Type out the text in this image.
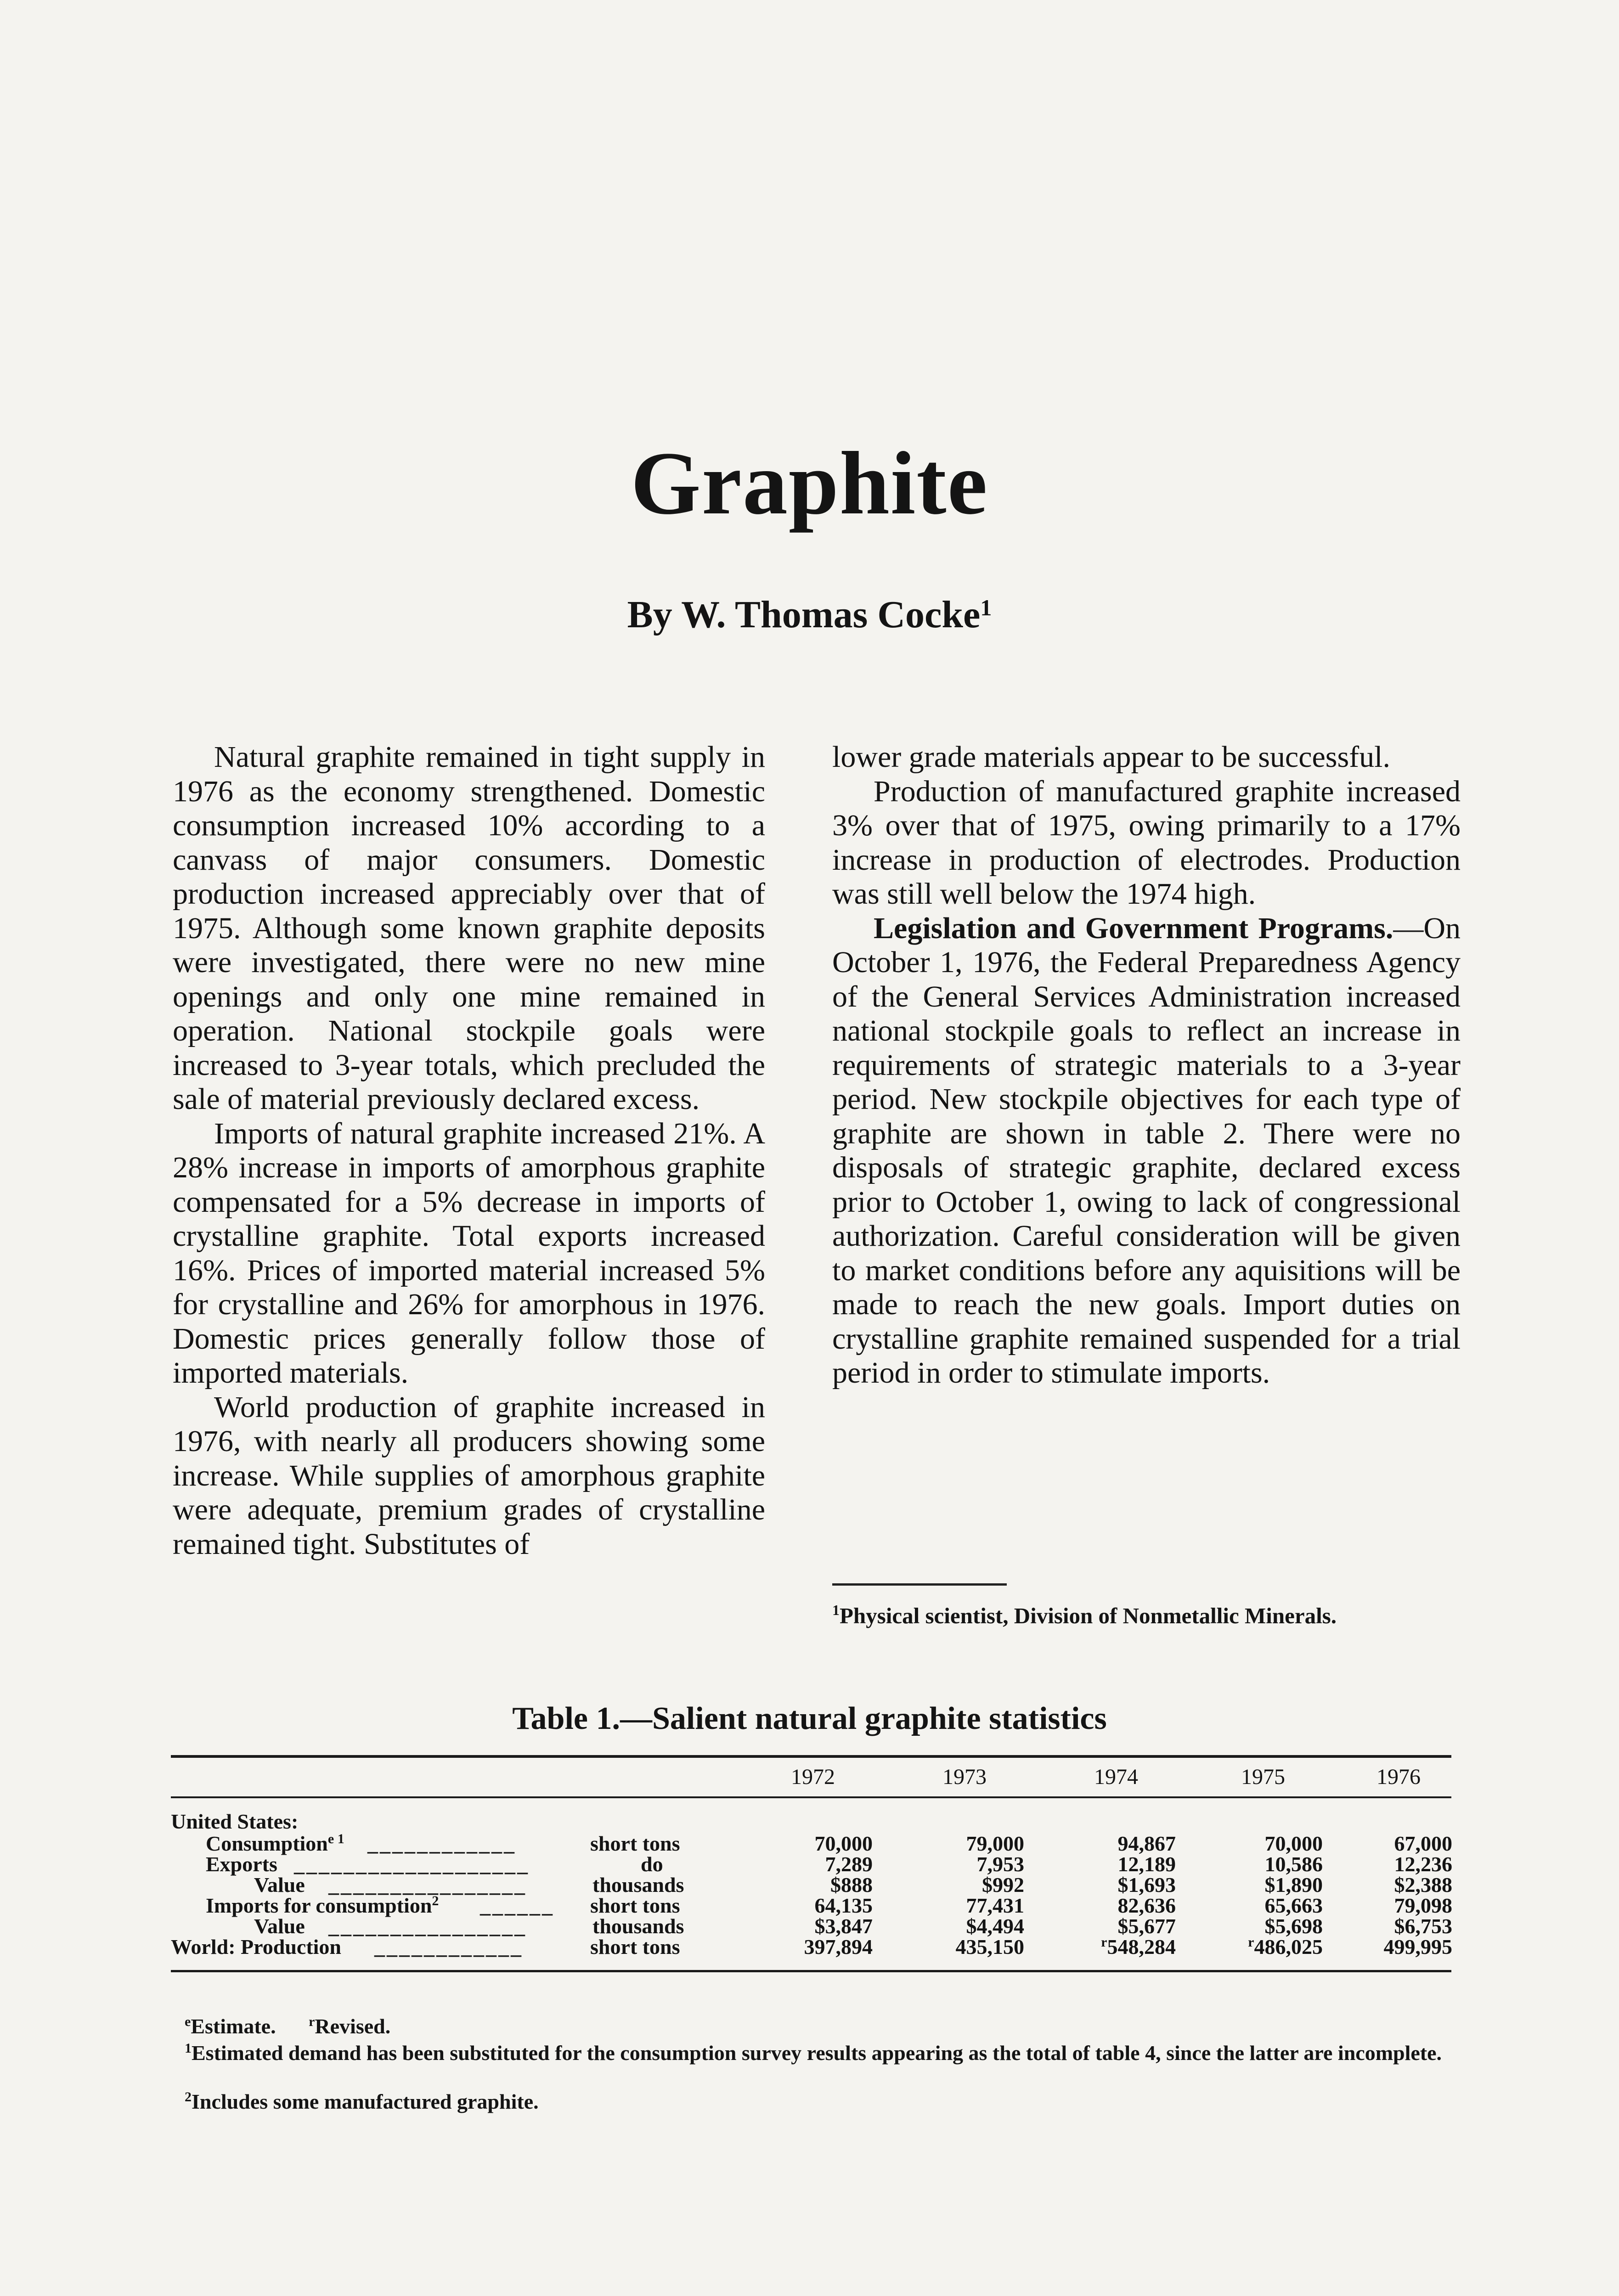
Graphite
By W. Thomas Cocke$^1$

Natural graphite remained in tight supply in 1976 as the economy strengthened. Domestic consumption increased 10% according to a canvass of major consumers. Domestic production increased appreciably over that of 1975. Although some known graphite deposits were investigated, there were no new mine openings and only one mine remained in operation. National stockpile goals were increased to 3-year totals, which precluded the sale of material previously declared excess.

Imports of natural graphite increased 21%. A 28% increase in imports of amorphous graphite compensated for a 5% decrease in imports of crystalline graphite. Total exports increased 16%. Prices of imported material increased 5% for crystalline and 26% for amorphous in 1976. Domestic prices generally follow those of imported materials.

World production of graphite increased in 1976, with nearly all producers showing some increase. While supplies of amorphous graphite were adequate, premium grades of crystalline remained tight. Substitutes of

lower grade materials appear to be successful.

Production of manufactured graphite increased 3% over that of 1975, owing primarily to a 17% increase in production of electrodes. Production was still well below the 1974 high.

Legislation and Government Programs.—On October 1, 1976, the Federal Preparedness Agency of the General Services Administration increased national stockpile goals to reflect an increase in requirements of strategic materials to a 3-year period. New stockpile objectives for each type of graphite are shown in table 2. There were no disposals of strategic graphite, declared excess prior to October 1, owing to lack of congressional authorization. Careful consideration will be given to market conditions before any aquisitions will be made to reach the new goals. Import duties on crystalline graphite remained suspended for a trial period in order to stimulate imports.

$^1$Physical scientist, Division of Nonmetallic Minerals.
Table 1.—Salient natural graphite statistics
1972	1973	1974	1975	1976
United States:
Consumption$^{e 1}$ ____________	short tons	70,000	79,000	94,867	70,000	67,000
Exports ___________________	do	7,289	7,953	12,189	10,586	12,236
Value ________________	thousands	$888	$992	$1,693	$1,890	$2,388
Imports for consumption$^2$ ______ short tons	64,135	77,431	82,636	65,663	79,098
Value ________________	thousands	$3,847	$4,494	$5,677	$5,698	$6,753
World: Production ____________	short tons	397,894	435,150	$^r$548,284	$^r$486,025	499,995
$^e$Estimate. $^r$Revised.
$^1$Estimated demand has been substituted for the consumption survey results appearing as the total of table 4, since the latter are incomplete.
$^2$Includes some manufactured graphite.
